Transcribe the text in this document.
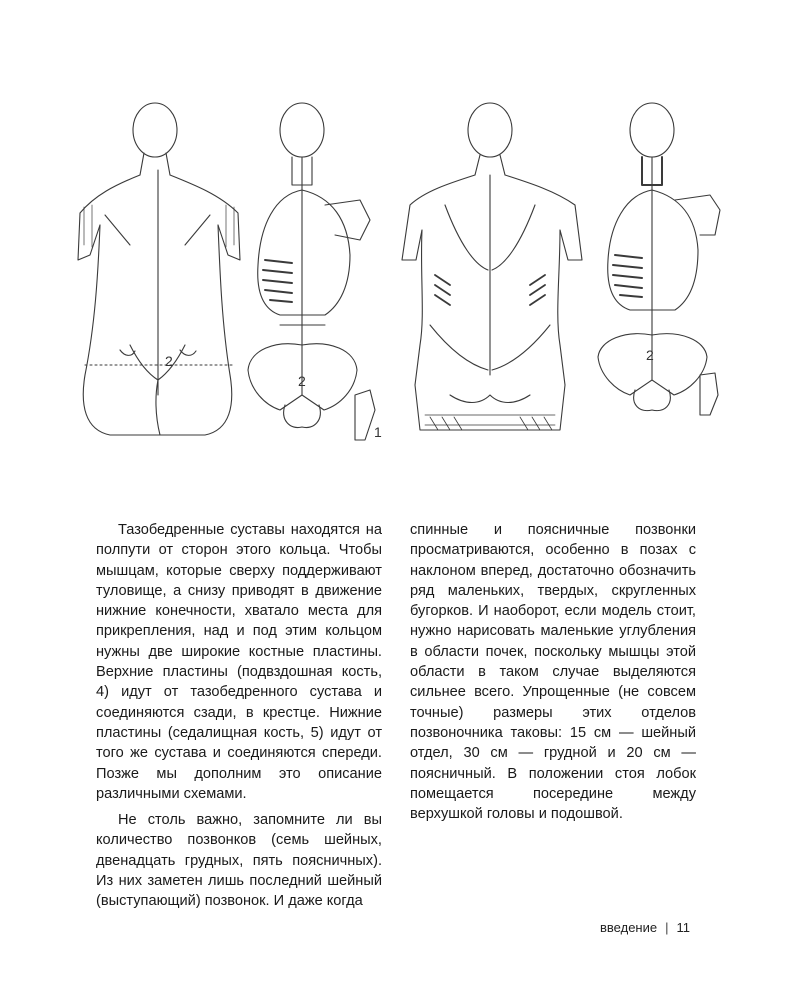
2
2
1
2

Тазобедренные суставы находятся на полпути от сторон этого кольца. Чтобы мышцам, которые сверху поддерживают туловище, а снизу приводят в движение нижние конечности, хватало места для прикрепления, над и под этим кольцом нужны две широкие костные пластины. Верхние пластины (подвздошная кость, 4) идут от тазобедренного сустава и соединяются сзади, в крестце. Нижние пластины (седалищная кость, 5) идут от того же сустава и соединяются спереди. Позже мы дополним это описание различными схемами.

Не столь важно, запомните ли вы количество позвонков (семь шейных, двенадцать грудных, пять поясничных). Из них заметен лишь последний шейный (выступающий) позвонок. И даже когда

спинные и поясничные позвонки просматриваются, особенно в позах с наклоном вперед, достаточно обозначить ряд маленьких, твердых, скругленных бугорков. И наоборот, если модель стоит, нужно нарисовать маленькие углубления в области почек, поскольку мышцы этой области в таком случае выделяются сильнее всего. Упрощенные (не совсем точные) размеры этих отделов позвоночника таковы: 15 см — шейный отдел, 30 см — грудной и 20 см — поясничный. В положении стоя лобок помещается посередине между верхушкой головы и подошвой.

введение | 11
